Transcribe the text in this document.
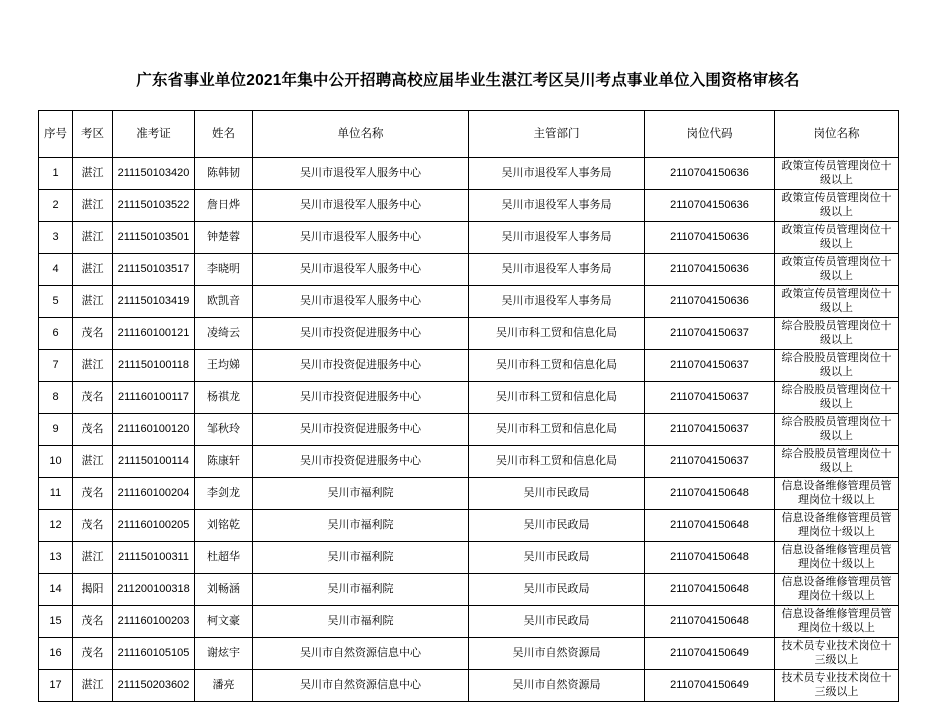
广东省事业单位2021年集中公开招聘高校应届毕业生湛江考区吴川考点事业单位入围资格审核名
序号	考区	准考证	姓名	单位名称	主管部门	岗位代码	岗位名称
1	湛江	211150103420	陈韩韧	吴川市退役军人服务中心	吴川市退役军人事务局	2110704150636	政策宣传员管理岗位十级以上
2	湛江	211150103522	詹日烨	吴川市退役军人服务中心	吴川市退役军人事务局	2110704150636	政策宣传员管理岗位十级以上
3	湛江	211150103501	钟楚蓉	吴川市退役军人服务中心	吴川市退役军人事务局	2110704150636	政策宣传员管理岗位十级以上
4	湛江	211150103517	李晓明	吴川市退役军人服务中心	吴川市退役军人事务局	2110704150636	政策宣传员管理岗位十级以上
5	湛江	211150103419	欧凯音	吴川市退役军人服务中心	吴川市退役军人事务局	2110704150636	政策宣传员管理岗位十级以上
6	茂名	211160100121	凌绮云	吴川市投资促进服务中心	吴川市科工贸和信息化局	2110704150637	综合股股员管理岗位十级以上
7	湛江	211150100118	王均娣	吴川市投资促进服务中心	吴川市科工贸和信息化局	2110704150637	综合股股员管理岗位十级以上
8	茂名	211160100117	杨祺龙	吴川市投资促进服务中心	吴川市科工贸和信息化局	2110704150637	综合股股员管理岗位十级以上
9	茂名	211160100120	邹秋玲	吴川市投资促进服务中心	吴川市科工贸和信息化局	2110704150637	综合股股员管理岗位十级以上
10	湛江	211150100114	陈康轩	吴川市投资促进服务中心	吴川市科工贸和信息化局	2110704150637	综合股股员管理岗位十级以上
11	茂名	211160100204	李剑龙	吴川市福利院	吴川市民政局	2110704150648	信息设备维修管理员管理岗位十级以上
12	茂名	211160100205	刘铭乾	吴川市福利院	吴川市民政局	2110704150648	信息设备维修管理员管理岗位十级以上
13	湛江	211150100311	杜超华	吴川市福利院	吴川市民政局	2110704150648	信息设备维修管理员管理岗位十级以上
14	揭阳	211200100318	刘畅涵	吴川市福利院	吴川市民政局	2110704150648	信息设备维修管理员管理岗位十级以上
15	茂名	211160100203	柯文豪	吴川市福利院	吴川市民政局	2110704150648	信息设备维修管理员管理岗位十级以上
16	茂名	211160105105	谢炫宇	吴川市自然资源信息中心	吴川市自然资源局	2110704150649	技术员专业技术岗位十三级以上
17	湛江	211150203602	潘亮	吴川市自然资源信息中心	吴川市自然资源局	2110704150649	技术员专业技术岗位十三级以上
